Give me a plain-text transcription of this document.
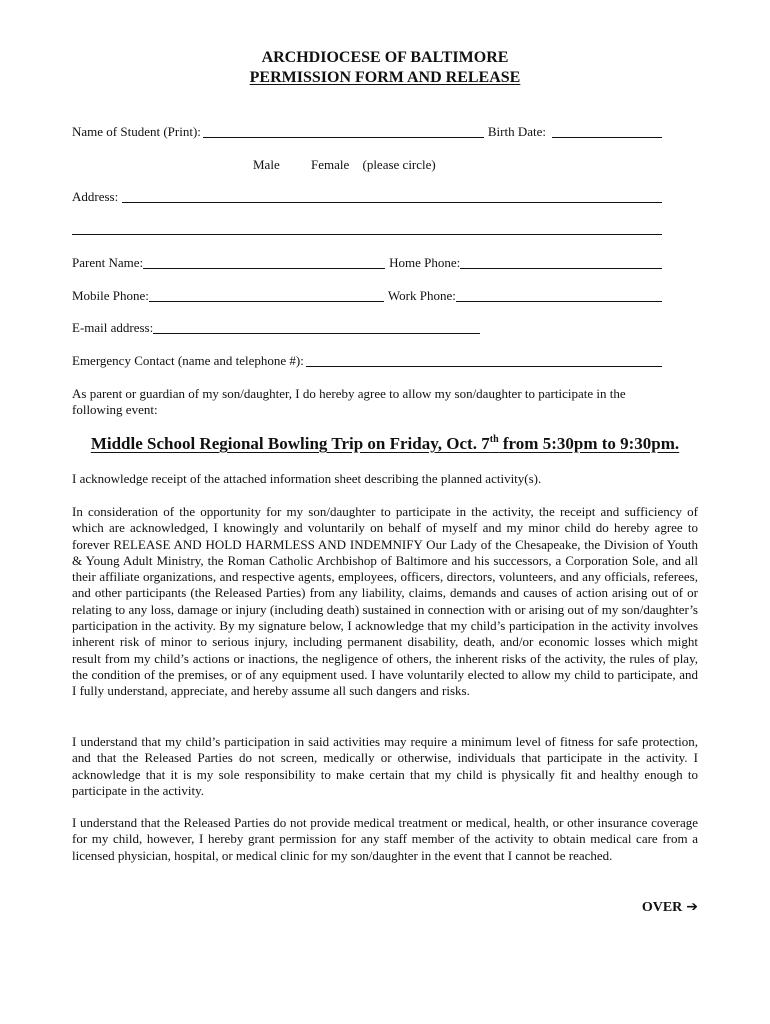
ARCHDIOCESE OF BALTIMORE
PERMISSION FORM AND RELEASE
Name of Student (Print):	Birth Date:
Male Female (please circle)
Address:
Parent Name:	Home Phone:
Mobile Phone:	Work Phone:
E-mail address:
Emergency Contact (name and telephone #):
As parent or guardian of my son/daughter, I do hereby agree to allow my son/daughter to participate in the following event:
Middle School Regional Bowling Trip on Friday, Oct. 7th from 5:30pm to 9:30pm.
I acknowledge receipt of the attached information sheet describing the planned activity(s).
In consideration of the opportunity for my son/daughter to participate in the activity, the receipt and sufficiency of which are acknowledged, I knowingly and voluntarily on behalf of myself and my minor child do hereby agree to forever RELEASE AND HOLD HARMLESS AND INDEMNIFY Our Lady of the Chesapeake, the Division of Youth & Young Adult Ministry, the Roman Catholic Archbishop of Baltimore and his successors, a Corporation Sole, and all their affiliate organizations, and respective agents, employees, officers, directors, volunteers, and any officials, referees, and other participants (the Released Parties) from any liability, claims, demands and causes of action arising out of or relating to any loss, damage or injury (including death) sustained in connection with or arising out of my son/daughter’s participation in the activity. By my signature below, I acknowledge that my child’s participation in the activity involves inherent risk of minor to serious injury, including permanent disability, death, and/or economic losses which might result from my child’s actions or inactions, the negligence of others, the inherent risks of the activity, the rules of play, the condition of the premises, or of any equipment used. I have voluntarily elected to allow my child to participate, and I fully understand, appreciate, and hereby assume all such dangers and risks.
I understand that my child’s participation in said activities may require a minimum level of fitness for safe protection, and that the Released Parties do not screen, medically or otherwise, individuals that participate in the activity. I acknowledge that it is my sole responsibility to make certain that my child is physically fit and healthy enough to participate in the activity.
I understand that the Released Parties do not provide medical treatment or medical, health, or other insurance coverage for my child, however, I hereby grant permission for any staff member of the activity to obtain medical care from a licensed physician, hospital, or medical clinic for my son/daughter in the event that I cannot be reached.
OVER ➔
